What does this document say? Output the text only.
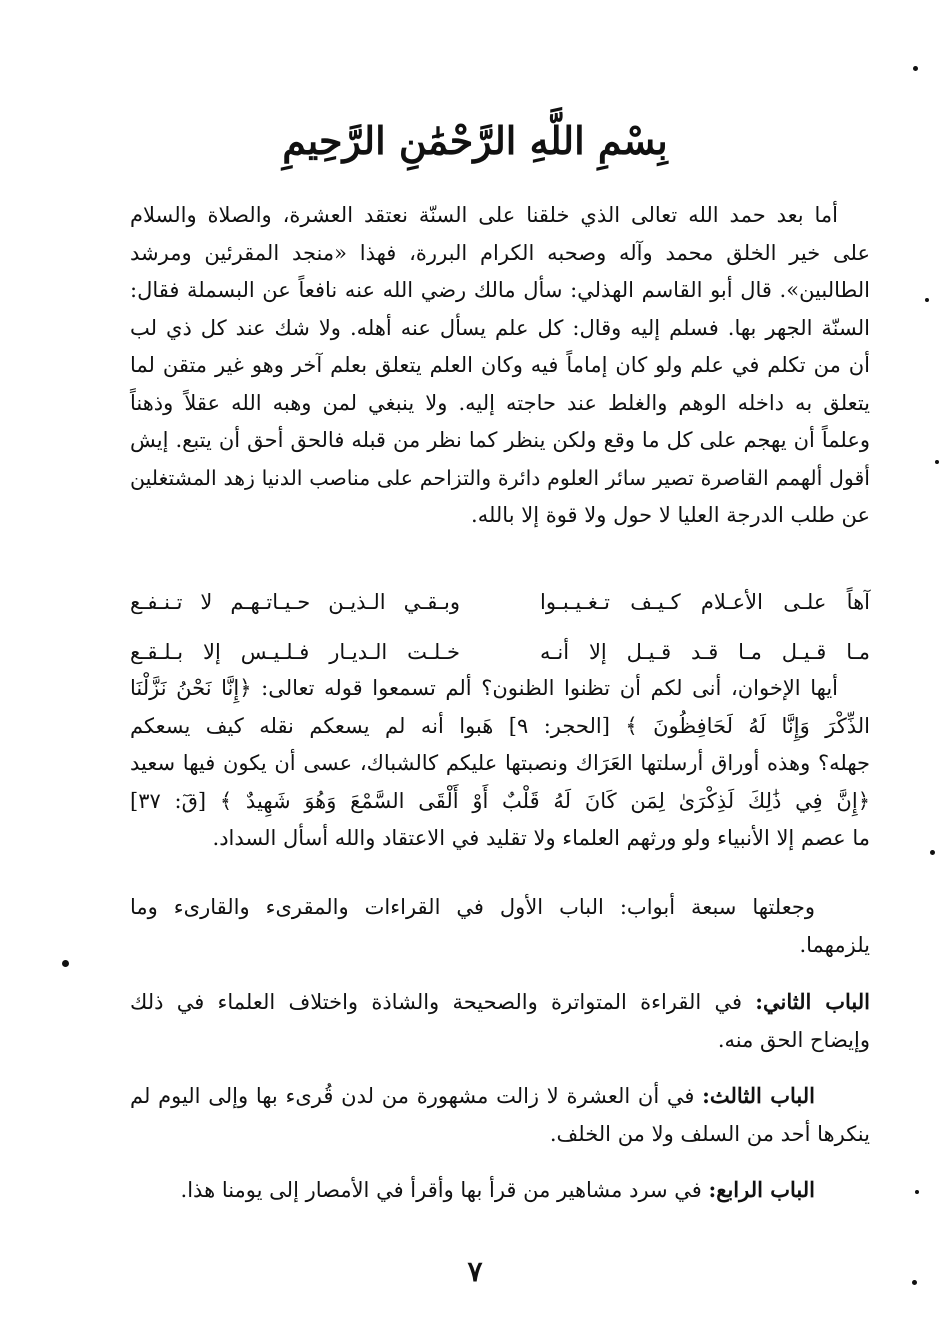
بِسْمِ اللَّهِ الرَّحْمَٰنِ الرَّحِيمِ
أما بعد حمد الله تعالى الذي خلقنا على السنّة نعتقد العشرة، والصلاة والسلام
على خير الخلق محمد وآله وصحبه الكرام البررة، فهذا «منجد المقرئين ومرشد
الطالبين». قال أبو القاسم الهذلي: سأل مالك رضي الله عنه نافعاً عن البسملة فقال:
السنّة الجهر بها. فسلم إليه وقال: كل علم يسأل عنه أهله. ولا شك عند كل ذي لب
أن من تكلم في علم ولو كان إماماً فيه وكان العلم يتعلق بعلم آخر وهو غير متقن لما
يتعلق به داخله الوهم والغلط عند حاجته إليه. ولا ينبغي لمن وهبه الله عقلاً وذهناً
وعلماً أن يهجم على كل ما وقع ولكن ينظر كما نظر من قبله فالحق أحق أن يتبع. إيش
أقول ألهمم القاصرة تصير سائر العلوم دائرة والتزاحم على مناصب الدنيا زهد المشتغلين
عن طلب الدرجة العليا لا حول ولا قوة إلا بالله.
آهاً علـى الأعـلام كـيـف تـغـيـبـوا
وبـقـي الـذيـن حـيـاتـهـم لا تـنـفـع
مـا قـيـل مـا قـد قـيـل إلا أنـه
خـلـت الـديـار فـلـيـس إلا بـلـقـع
أيها الإخوان، أنى لكم أن تظنوا الظنون؟ ألم تسمعوا قوله تعالى: ﴿إِنَّا نَحْنُ نَزَّلْنَا
الذِّكْرَ وَإِنَّا لَهُ لَحَافِظُونَ ﴾ [الحجر: ٩] هَبوا أنه لم يسعكم نقله كيف يسعكم
جهله؟ وهذه أوراق أرسلتها العَرَاك ونصبتها عليكم كالشباك، عسى أن يكون فيها سعيد
﴿إِنَّ فِي ذَٰلِكَ لَذِكْرَىٰ لِمَن كَانَ لَهُ قَلْبٌ أَوْ أَلْقَى السَّمْعَ وَهُوَ شَهِيدٌ ﴾ [قٓ: ٣٧]
ما عصم إلا الأنبياء ولو ورثهم العلماء ولا تقليد في الاعتقاد والله أسأل السداد.
وجعلتها سبعة أبواب: الباب الأول في القراءات والمقرىء والقارىء وما
يلزمهما.
الباب الثاني: في القراءة المتواترة والصحيحة والشاذة واختلاف العلماء في ذلك
وإيضاح الحق منه.
الباب الثالث: في أن العشرة لا زالت مشهورة من لدن قُرىء بها وإلى اليوم لم
ينكرها أحد من السلف ولا من الخلف.
الباب الرابع: في سرد مشاهير من قرأ بها وأقرأ في الأمصار إلى يومنا هذا.
٧
